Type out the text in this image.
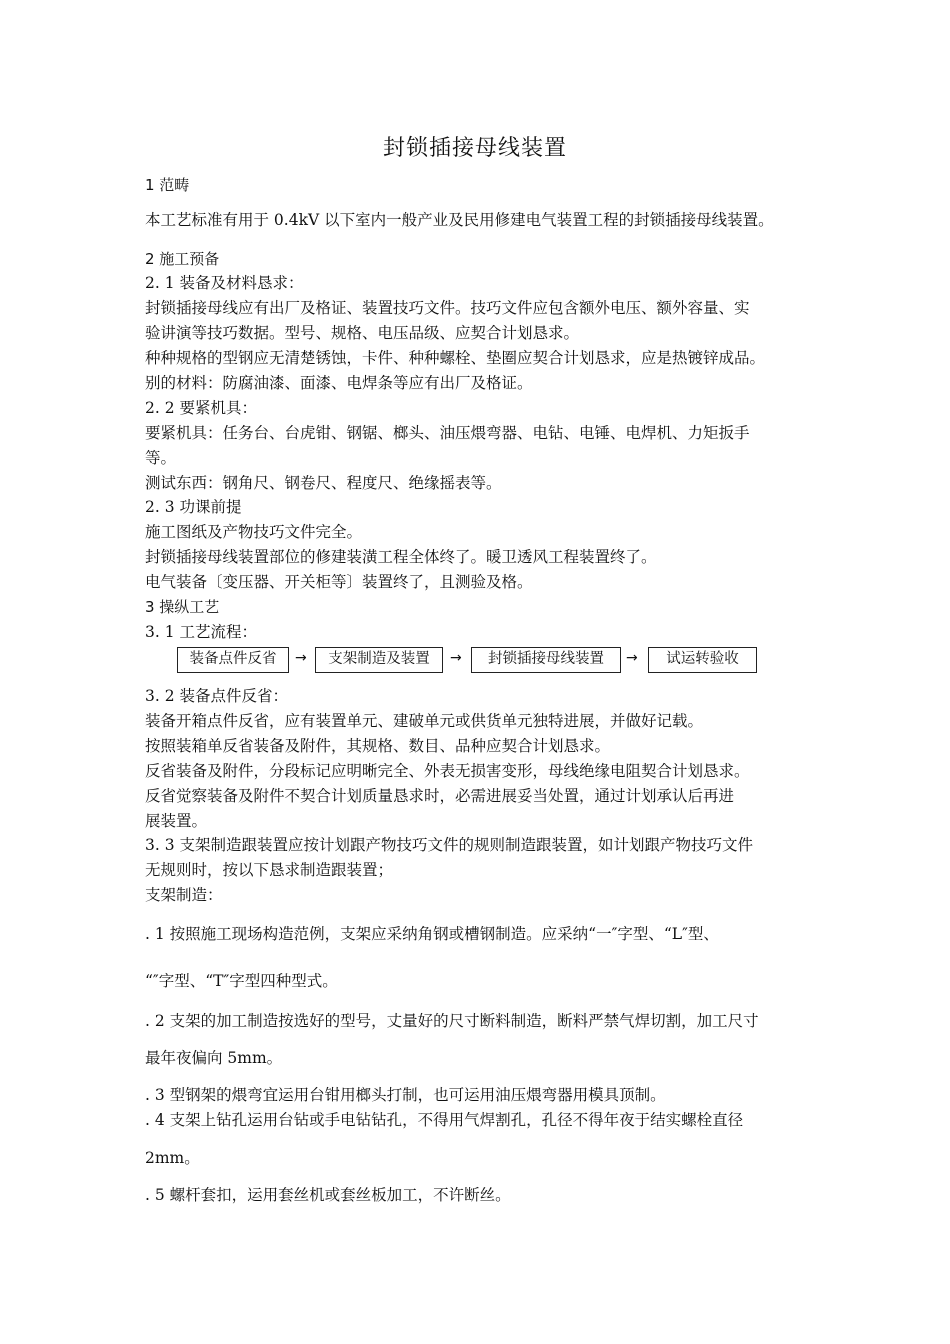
封锁插接母线装置
1 范畴
本工艺标准有用于 0.4kV 以下室内一般产业及民用修建电气装置工程的封锁插接母线装置。
2 施工预备
2. 1 装备及材料恳求：
封锁插接母线应有出厂及格证、装置技巧文件。技巧文件应包含额外电压、额外容量、实
验讲演等技巧数据。型号、规格、电压品级、应契合计划恳求。
种种规格的型钢应无清楚锈蚀，卡件、种种螺栓、垫圈应契合计划恳求，应是热镀锌成品。
别的材料：防腐油漆、面漆、电焊条等应有出厂及格证。
2. 2 要紧机具：
要紧机具：任务台、台虎钳、钢锯、榔头、油压煨弯器、电钻、电锤、电焊机、力矩扳手
等。
测试东西：钢角尺、钢卷尺、程度尺、绝缘摇表等。
2. 3 功课前提
施工图纸及产物技巧文件完全。
封锁插接母线装置部位的修建装潢工程全体终了。暖卫透风工程装置终了。
电气装备〔变压器、开关柜等〕装置终了，且测验及格。
3 操纵工艺
3. 1 工艺流程：
装备点件反省	→	支架制造及装置	→	封锁插接母线装置	→	试运转验收
3. 2 装备点件反省：
装备开箱点件反省，应有装置单元、建破单元或供货单元独特进展，并做好记载。
按照装箱单反省装备及附件，其规格、数目、品种应契合计划恳求。
反省装备及附件，分段标记应明晰完全、外表无损害变形，母线绝缘电阻契合计划恳求。
反省觉察装备及附件不契合计划质量恳求时，必需进展妥当处置，通过计划承认后再进
展装置。
3. 3 支架制造跟装置应按计划跟产物技巧文件的规则制造跟装置，如计划跟产物技巧文件
无规则时，按以下恳求制造跟装置；
支架制造：
. 1 按照施工现场构造范例，支架应采纳角钢或槽钢制造。应采纳“一″字型、“L″型、
“″字型、“T″字型四种型式。
. 2 支架的加工制造按选好的型号，丈量好的尺寸断料制造，断料严禁气焊切割，加工尺寸
最年夜偏向 5mm。
. 3 型钢架的煨弯宜运用台钳用榔头打制，也可运用油压煨弯器用模具顶制。
. 4 支架上钻孔运用台钻或手电钻钻孔，不得用气焊割孔，孔径不得年夜于结实螺栓直径
2mm。
. 5 螺杆套扣，运用套丝机或套丝板加工，不许断丝。
